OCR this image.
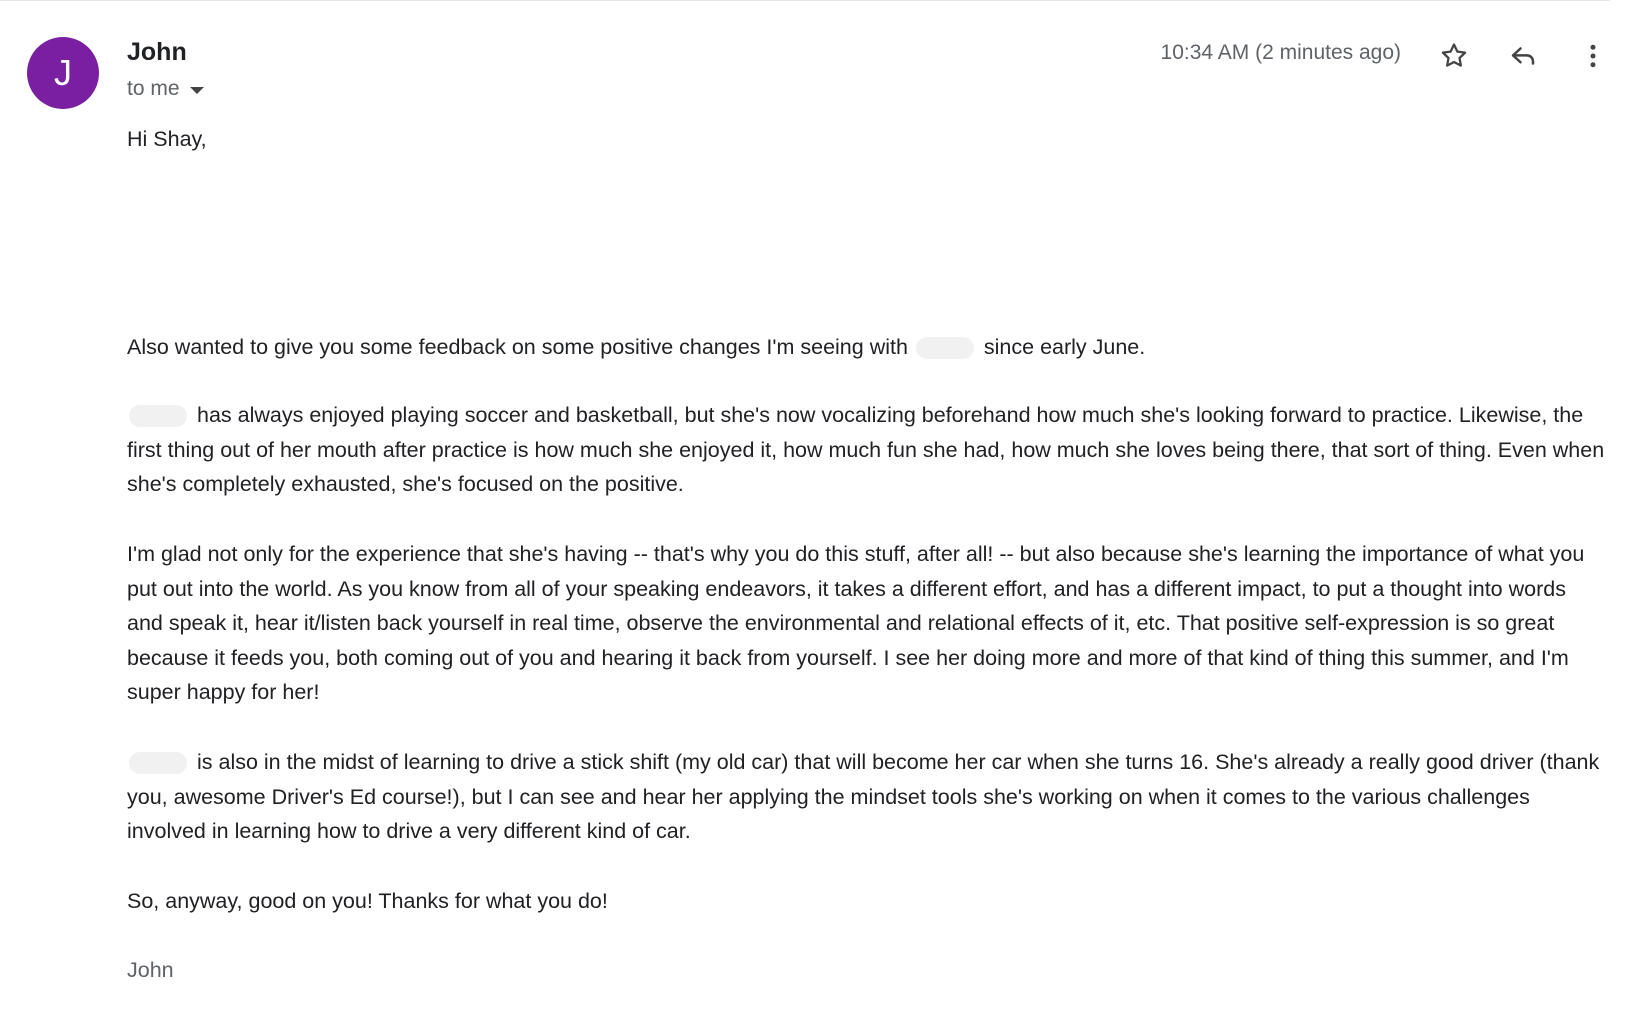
J	John
to me
10:34 AM (2 minutes ago)
Hi Shay,

Also wanted to give you some feedback on some positive changes I'm seeing with	since early June.

has always enjoyed playing soccer and basketball, but she's now vocalizing beforehand how much she's looking forward to practice. Likewise, the first thing out of her mouth after practice is how much she enjoyed it, how much fun she had, how much she loves being there, that sort of thing. Even when she's completely exhausted, she's focused on the positive.

I'm glad not only for the experience that she's having -- that's why you do this stuff, after all! -- but also because she's learning the importance of what you put out into the world. As you know from all of your speaking endeavors, it takes a different effort, and has a different impact, to put a thought into words and speak it, hear it/listen back yourself in real time, observe the environmental and relational effects of it, etc. That positive self-expression is so great because it feeds you, both coming out of you and hearing it back from yourself. I see her doing more and more of that kind of thing this summer, and I'm super happy for her!

is also in the midst of learning to drive a stick shift (my old car) that will become her car when she turns 16. She's already a really good driver (thank you, awesome Driver's Ed course!), but I can see and hear her applying the mindset tools she's working on when it comes to the various challenges involved in learning how to drive a very different kind of car.

So, anyway, good on you! Thanks for what you do!

John
